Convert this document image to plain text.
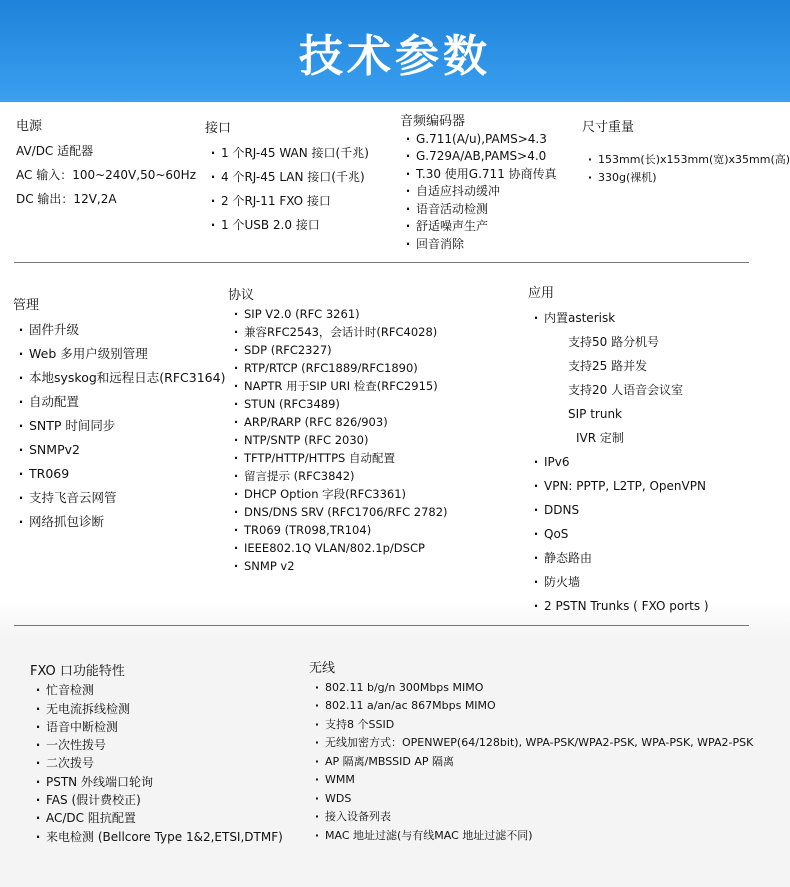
技术参数
电源
AV/DC 适配器
AC 输入：100~240V,50~60Hz
DC 输出：12V,2A
接口
· 1 个RJ-45 WAN 接口(千兆)
· 4 个RJ-45 LAN 接口(千兆)
· 2 个RJ-11 FXO 接口
· 1 个USB 2.0 接口
音频编码器
· G.711(A/u),PAMS>4.3
· G.729A/AB,PAMS>4.0
· T.30 使用G.711 协商传真
· 自适应抖动缓冲
· 语音活动检测
· 舒适噪声生产
· 回音消除
尺寸重量
· 153mm(长)x153mm(宽)x35mm(高)
· 330g(裸机)
管理
· 固件升级
· Web 多用户级别管理
· 本地syskog和远程日志(RFC3164)
· 自动配置
· SNTP 时间同步
· SNMPv2
· TR069
· 支持飞音云网管
· 网络抓包诊断
协议
· SIP V2.0 (RFC 3261)
· 兼容RFC2543，会话计时(RFC4028)
· SDP (RFC2327)
· RTP/RTCP (RFC1889/RFC1890)
· NAPTR 用于SIP URI 检查(RFC2915)
· STUN (RFC3489)
· ARP/RARP (RFC 826/903)
· NTP/SNTP (RFC 2030)
· TFTP/HTTP/HTTPS 自动配置
· 留言提示 (RFC3842)
· DHCP Option 字段(RFC3361)
· DNS/DNS SRV (RFC1706/RFC 2782)
· TR069 (TR098,TR104)
· IEEE802.1Q VLAN/802.1p/DSCP
· SNMP v2
应用
· 内置asterisk
支持50 路分机号
支持25 路并发
支持20 人语音会议室
SIP trunk
IVR 定制
· IPv6
· VPN: PPTP, L2TP, OpenVPN
· DDNS
· QoS
· 静态路由
· 防火墙
· 2 PSTN Trunks ( FXO ports )
FXO 口功能特性
· 忙音检测
· 无电流拆线检测
· 语音中断检测
· 一次性拨号
· 二次拨号
· PSTN 外线端口轮询
· FAS (假计费校正)
· AC/DC 阻抗配置
· 来电检测 (Bellcore Type 1&2,ETSI,DTMF)
无线
· 802.11 b/g/n 300Mbps MIMO
· 802.11 a/an/ac 867Mbps MIMO
· 支持8 个SSID
· 无线加密方式：OPENWEP(64/128bit), WPA-PSK/WPA2-PSK, WPA-PSK, WPA2-PSK
· AP 隔离/MBSSID AP 隔离
· WMM
· WDS
· 接入设备列表
· MAC 地址过滤(与有线MAC 地址过滤不同)
